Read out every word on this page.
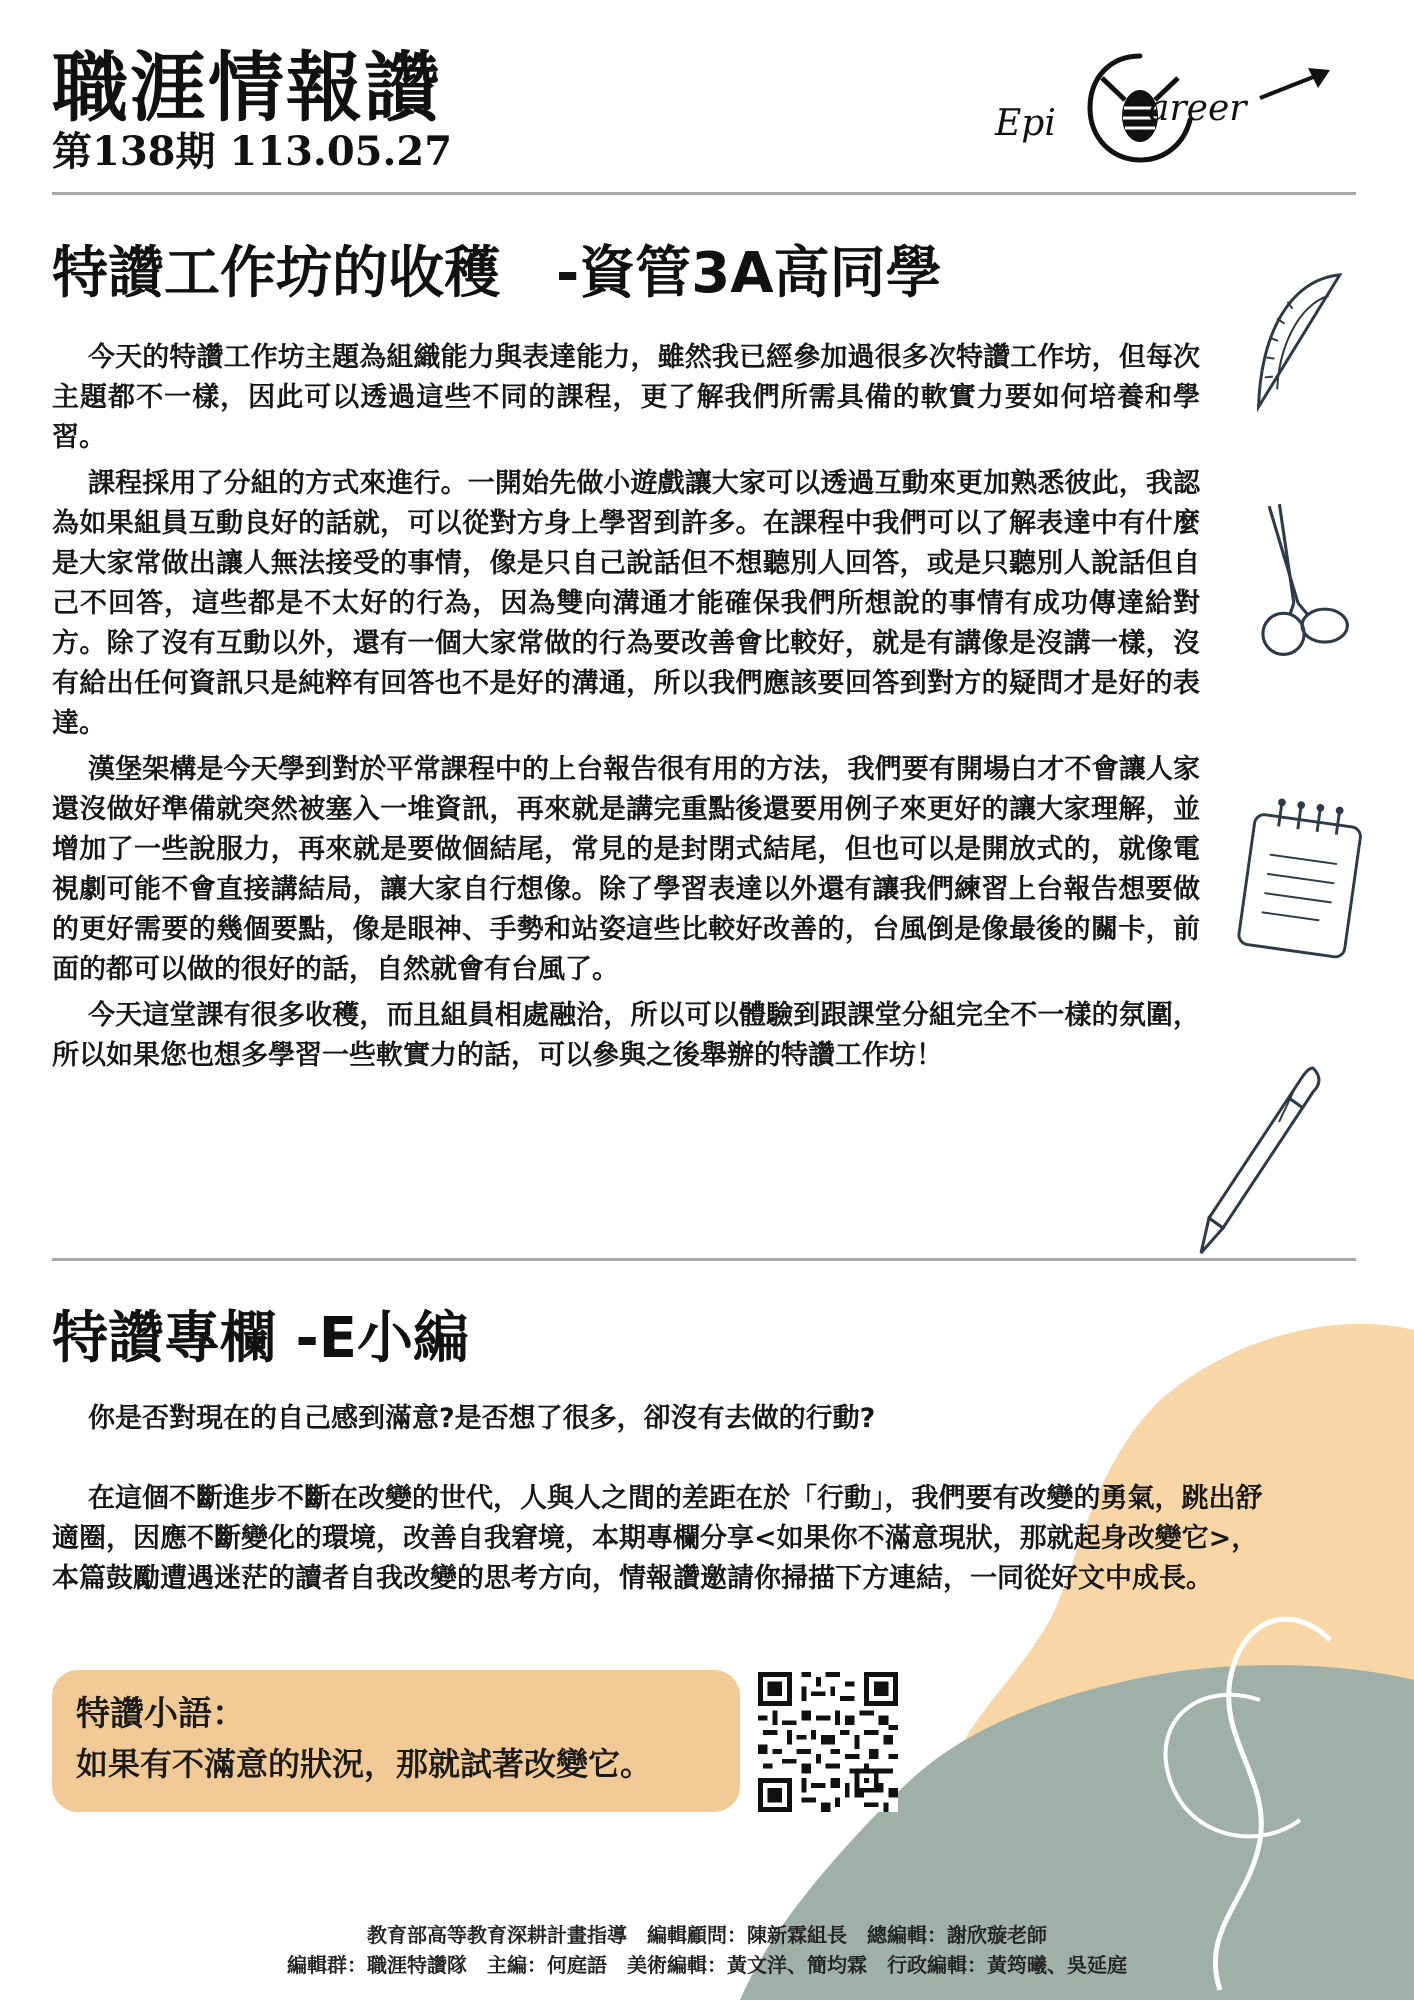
職涯情報讚
第138期 113.05.27
Epi	areer
特讚工作坊的收穫　-資管3A高同學

今天的特讚工作坊主題為組織能力與表達能力，雖然我已經參加過很多次特讚工作坊，但每次主題都不一樣，因此可以透過這些不同的課程，更了解我們所需具備的軟實力要如何培養和學習。

課程採用了分組的方式來進行。一開始先做小遊戲讓大家可以透過互動來更加熟悉彼此，我認為如果組員互動良好的話就，可以從對方身上學習到許多。在課程中我們可以了解表達中有什麼是大家常做出讓人無法接受的事情，像是只自己說話但不想聽別人回答，或是只聽別人說話但自己不回答，這些都是不太好的行為，因為雙向溝通才能確保我們所想說的事情有成功傳達給對方。除了沒有互動以外，還有一個大家常做的行為要改善會比較好，就是有講像是沒講一樣，沒有給出任何資訊只是純粹有回答也不是好的溝通，所以我們應該要回答到對方的疑問才是好的表達。

漢堡架構是今天學到對於平常課程中的上台報告很有用的方法，我們要有開場白才不會讓人家還沒做好準備就突然被塞入一堆資訊，再來就是講完重點後還要用例子來更好的讓大家理解，並增加了一些說服力，再來就是要做個結尾，常見的是封閉式結尾，但也可以是開放式的，就像電視劇可能不會直接講結局，讓大家自行想像。除了學習表達以外還有讓我們練習上台報告想要做的更好需要的幾個要點，像是眼神、手勢和站姿這些比較好改善的，台風倒是像最後的關卡，前面的都可以做的很好的話，自然就會有台風了。

今天這堂課有很多收穫，而且組員相處融洽，所以可以體驗到跟課堂分組完全不一樣的氛圍，所以如果您也想多學習一些軟實力的話，可以參與之後舉辦的特讚工作坊！

特讚專欄 -E小編

你是否對現在的自己感到滿意?是否想了很多，卻沒有去做的行動?

在這個不斷進步不斷在改變的世代，人與人之間的差距在於「行動」，我們要有改變的勇氣，跳出舒適圈，因應不斷變化的環境，改善自我窘境，本期專欄分享<如果你不滿意現狀，那就起身改變它>，本篇鼓勵遭遇迷茫的讀者自我改變的思考方向，情報讚邀請你掃描下方連結，一同從好文中成長。

特讚小語：
如果有不滿意的狀況，那就試著改變它。
教育部高等教育深耕計畫指導　編輯顧問：陳新霖組長　總編輯：謝欣璇老師
編輯群：職涯特讚隊　主編：何庭語　美術編輯：黃文洋、簡均霖　行政編輯：黃筠曦、吳延庭
